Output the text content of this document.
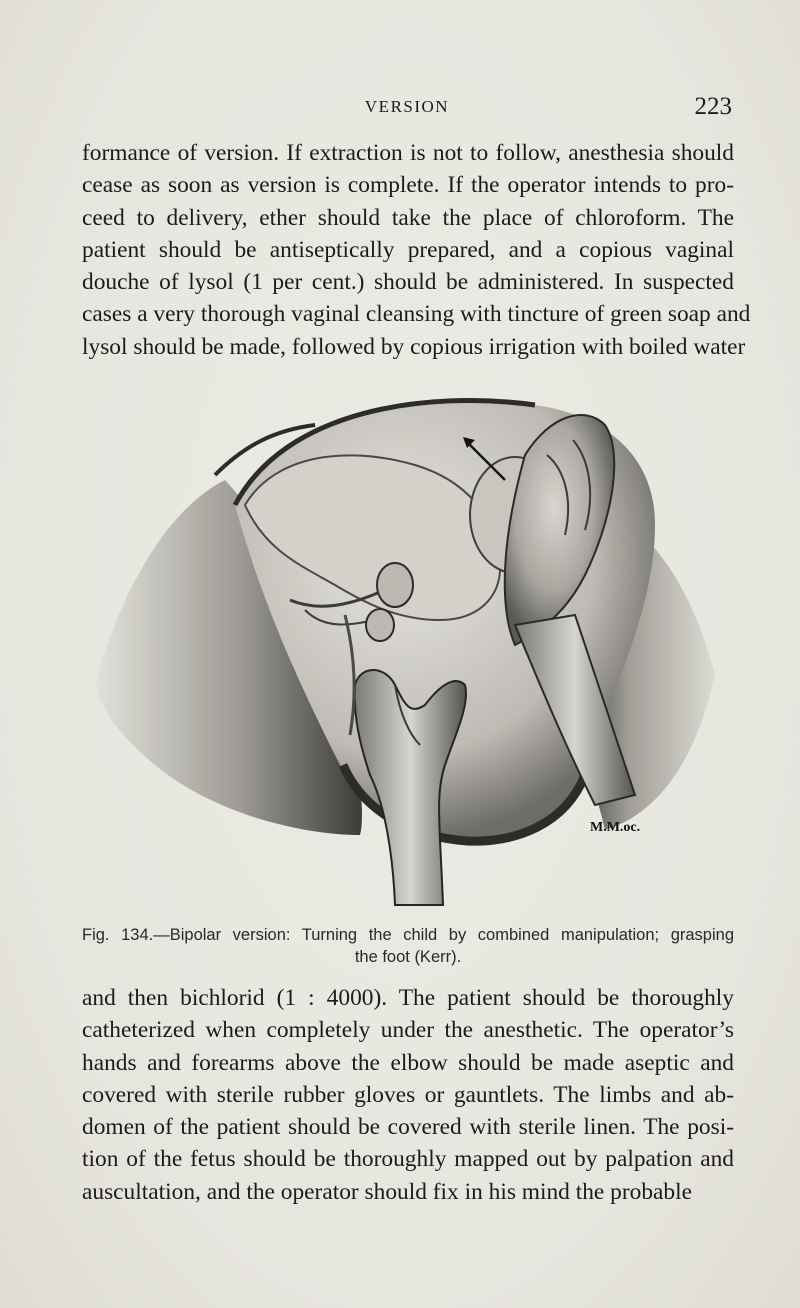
VERSION	223

formance of version. If extraction is not to follow, anesthesia should
cease as soon as version is complete. If the operator intends to pro-
ceed to delivery, ether should take the place of chloroform. The
patient should be antiseptically prepared, and a copious vaginal
douche of lysol (1 per cent.) should be administered. In suspected
cases a very thorough vaginal cleansing with tincture of green soap and
lysol should be made, followed by copious irrigation with boiled water

M.M.oc.
Fig. 134.—Bipolar version: Turning the child by combined manipulation; grasping
the foot (Kerr).

and then bichlorid (1 : 4000). The patient should be thoroughly
catheterized when completely under the anesthetic. The operator’s
hands and forearms above the elbow should be made aseptic and
covered with sterile rubber gloves or gauntlets. The limbs and ab-
domen of the patient should be covered with sterile linen. The posi-
tion of the fetus should be thoroughly mapped out by palpation and
auscultation, and the operator should fix in his mind the probable
